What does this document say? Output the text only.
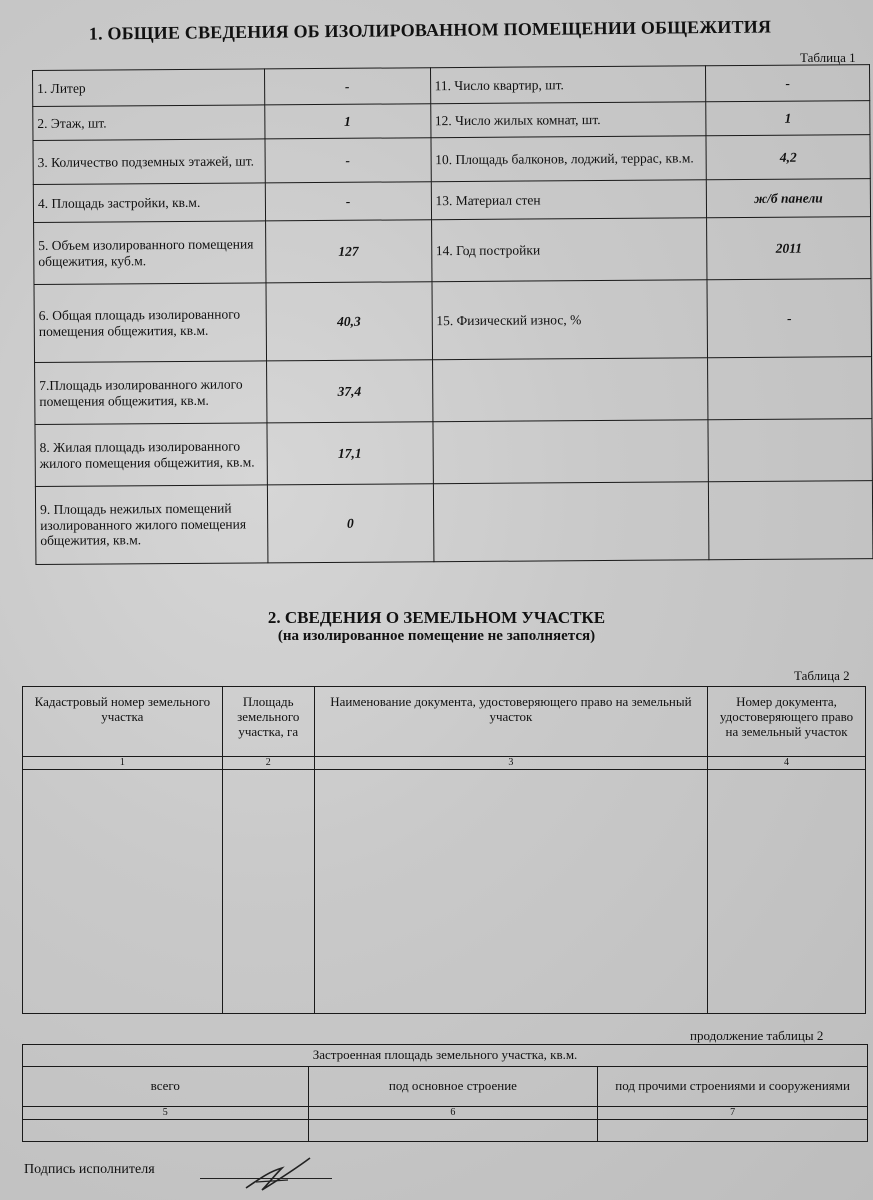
1. ОБЩИЕ СВЕДЕНИЯ ОБ ИЗОЛИРОВАННОМ ПОМЕЩЕНИИ ОБЩЕЖИТИЯ
Таблица 1
1. Литер	-	11. Число квартир, шт.	-
2. Этаж, шт.	1	12. Число жилых комнат, шт.	1
3. Количество подземных этажей, шт.	-	10. Площадь балконов, лоджий, террас, кв.м.	4,2
4. Площадь застройки, кв.м.	-	13. Материал стен	ж/б панели
5. Объем изолированного помещения общежития, куб.м.	127	14. Год постройки	2011
6. Общая площадь изолированного помещения общежития, кв.м.	40,3	15. Физический износ, %	-
7.Площадь изолированного жилого помещения общежития, кв.м.	37,4		
8. Жилая площадь изолированного жилого помещения общежития, кв.м.	17,1		
9. Площадь нежилых помещений изолированного жилого помещения общежития, кв.м.	0		
2. СВЕДЕНИЯ О ЗЕМЕЛЬНОМ УЧАСТКЕ
(на изолированное помещение не заполняется)
Таблица 2
Кадастровый номер земельного участка	Площадь земельного участка, га	Наименование документа, удостоверяющего право на земельный участок	Номер документа, удостоверяющего право на земельный участок
1	2	3	4

продолжение таблицы 2
Застроенная площадь земельного участка, кв.м.		
всего	под основное строение	под прочими строениями и сооружениями
5	6	7

Подпись исполнителя
